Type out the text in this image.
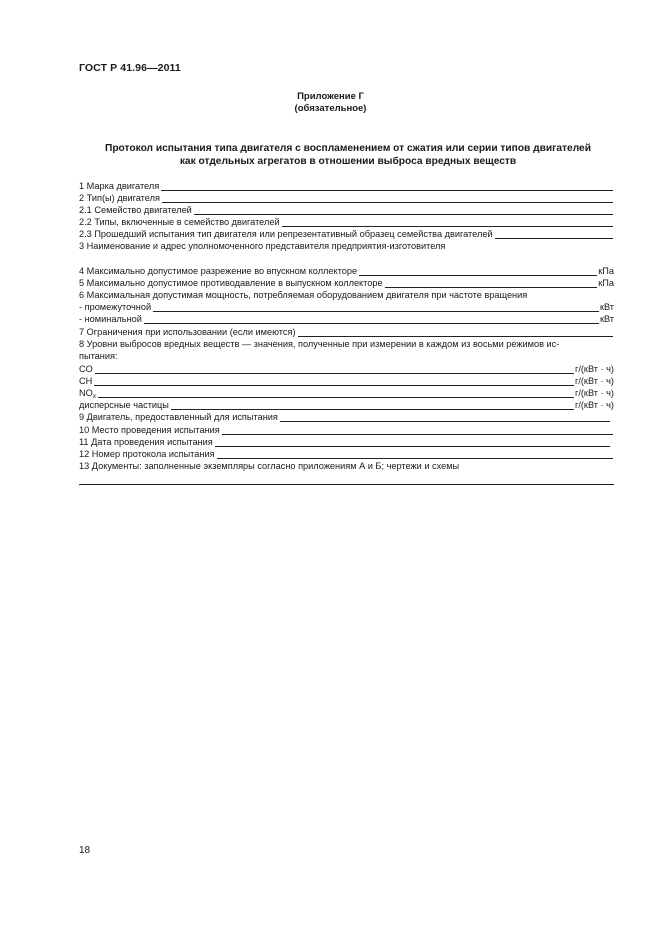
ГОСТ Р 41.96—2011
Приложение Г
(обязательное)
Протокол испытания типа двигателя с воспламенением от сжатия или серии типов двигателей
как отдельных агрегатов в отношении выброса вредных веществ
1 Марка двигателя
2 Тип(ы) двигателя
2.1 Семейство двигателей
2.2 Типы, включенные в семейство двигателей
2.3 Прошедший испытания тип двигателя или репрезентативный образец семейства двигателей
3 Наименование и адрес уполномоченного представителя предприятия-изготовителя
4 Максимально допустимое разрежение во впускном коллекторе	кПа
5 Максимально допустимое противодавление в выпускном коллекторе	кПа
6 Максимальная допустимая мощность, потребляемая оборудованием двигателя при частоте вращения
- промежуточной	кВт
- номинальной	кВт
7 Ограничения при использовании (если имеются)
8 Уровни выбросов вредных веществ — значения, полученные при измерении в каждом из восьми режимов ис-
пытания:
CO	г/(кВт · ч)
CH	г/(кВт · ч)
$NO_x$	г/(кВт · ч)
дисперсные частицы	г/(кВт · ч)
9 Двигатель, предоставленный для испытания
10 Место проведения испытания
11 Дата проведения испытания
12 Номер протокола испытания
13 Документы: заполненные экземпляры согласно приложениям А и Б; чертежи и схемы
18
